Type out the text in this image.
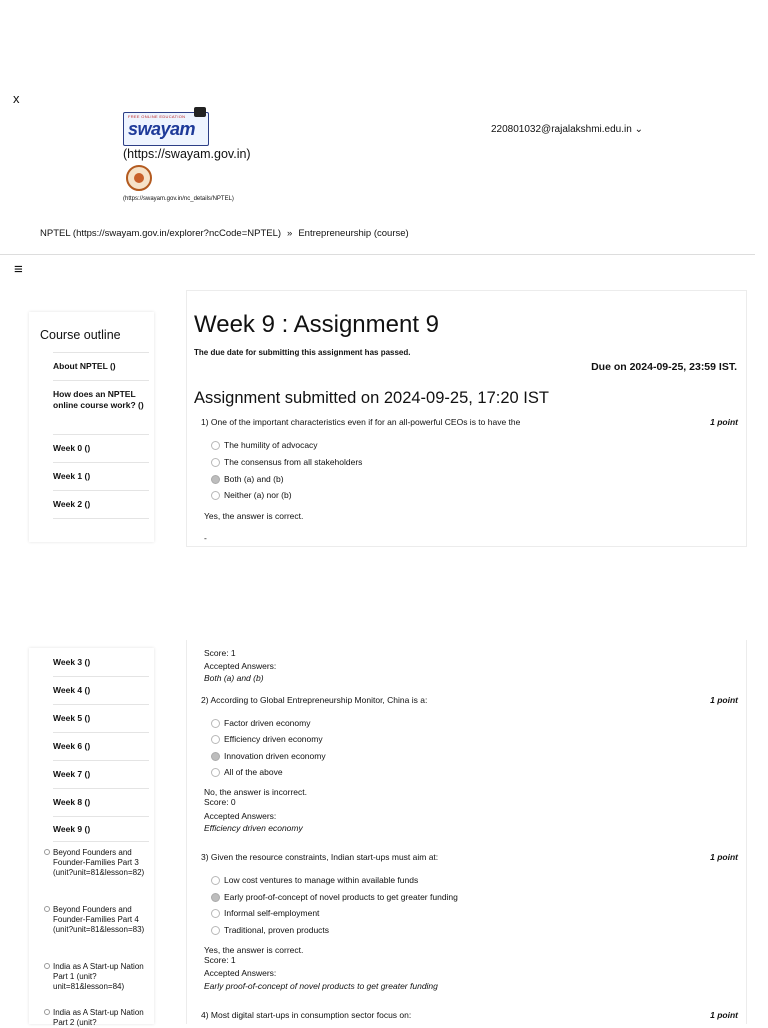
x
FREE ONLINE EDUCATION
swayam
(https://swayam.gov.in)
(https://swayam.gov.in/nc_details/NPTEL)
220801032@rajalakshmi.edu.in ⌄
NPTEL (https://swayam.gov.in/explorer?ncCode=NPTEL) » Entrepreneurship (course)
≡
Course outline
About NPTEL ()
How does an NPTEL online course work? ()
Week 0 ()
Week 1 ()
Week 2 ()
Week 3 ()
Week 4 ()
Week 5 ()
Week 6 ()
Week 7 ()
Week 8 ()
Week 9 ()
Beyond Founders and Founder-Families Part 3 (unit?unit=81&lesson=82)
Beyond Founders and Founder-Families Part 4 (unit?unit=81&lesson=83)
India as A Start-up Nation Part 1 (unit?unit=81&lesson=84)
India as A Start-up Nation Part 2 (unit?
Week 9 : Assignment 9
The due date for submitting this assignment has passed.
Due on 2024-09-25, 23:59 IST.
Assignment submitted on 2024-09-25, 17:20 IST
1) One of the important characteristics even if for an all-powerful CEOs is to have the	1 point
The humility of advocacy
The consensus from all stakeholders
Both (a) and (b)
Neither (a) nor (b)
Yes, the answer is correct.
-
Score: 1
Accepted Answers:
Both (a) and (b)
2) According to Global Entrepreneurship Monitor, China is a:	1 point
Factor driven economy
Efficiency driven economy
Innovation driven economy
All of the above
No, the answer is incorrect.
Score: 0
Accepted Answers:
Efficiency driven economy
3) Given the resource constraints, Indian start-ups must aim at:	1 point
Low cost ventures to manage within available funds
Early proof-of-concept of novel products to get greater funding
Informal self-employment
Traditional, proven products
Yes, the answer is correct.
Score: 1
Accepted Answers:
Early proof-of-concept of novel products to get greater funding
4) Most digital start-ups in consumption sector focus on:	1 point
